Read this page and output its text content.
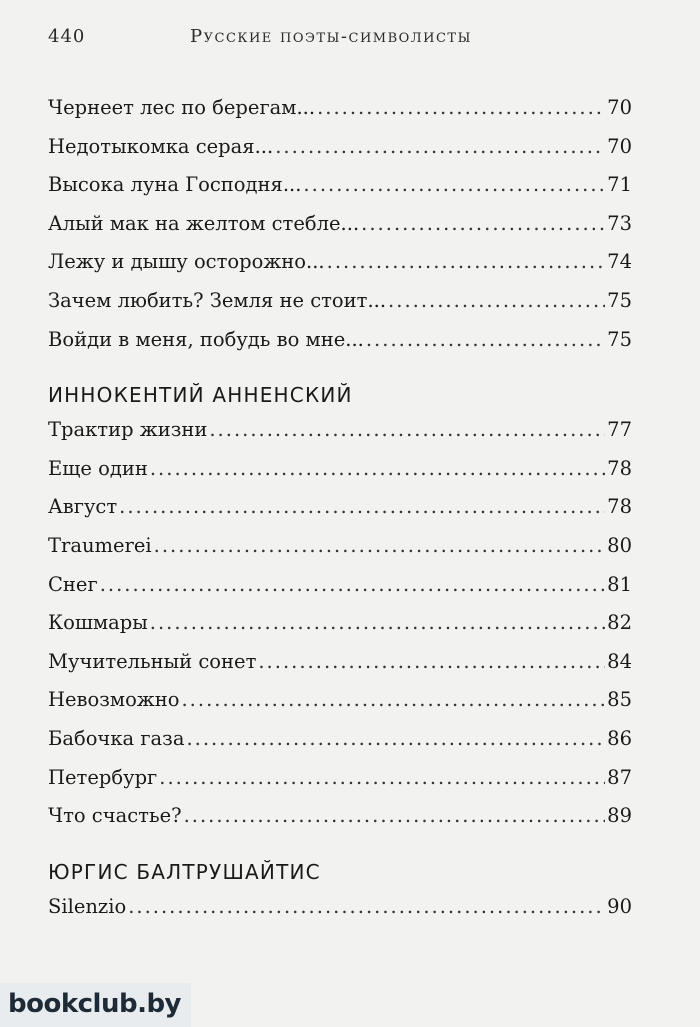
440	Русские поэты-символисты
Чернеет лес по берегам... .....	70
Недотыкомка серая... .....	70
Высока луна Господня... .....	71
Алый мак на желтом стебле... .....	73
Лежу и дышу осторожно... .....	74
Зачем любить? Земля не стоит... .....	75
Войди в меня, побудь во мне... .....	75
ИННОКЕНТИЙ АННЕНСКИЙ
Трактир жизни .....	77
Еще один .....	78
Август .....	78
Traumerei .....	80
Снег .....	81
Кошмары .....	82
Мучительный сонет .....	84
Невозможно .....	85
Бабочка газа .....	86
Петербург .....	87
Что счастье? .....	89
ЮРГИС БАЛТРУШАЙТИС
Silenzio .....	90
bookclub.by
